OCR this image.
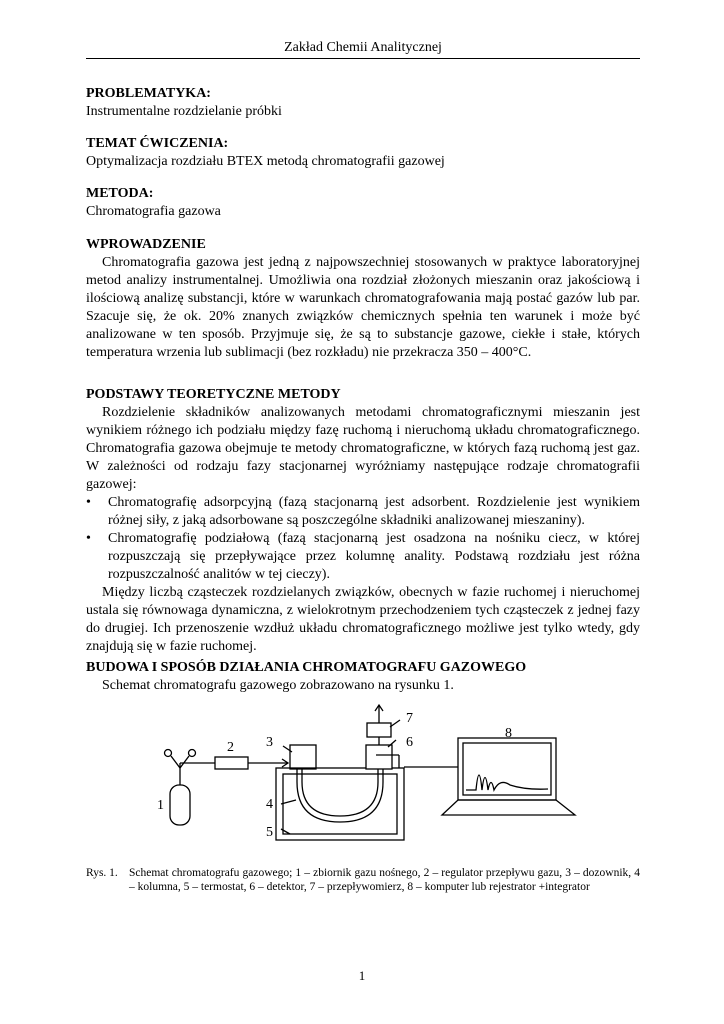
Zakład Chemii Analitycznej
PROBLEMATYKA:
Instrumentalne rozdzielanie próbki
TEMAT ĆWICZENIA:
Optymalizacja rozdziału BTEX metodą chromatografii gazowej
METODA:
Chromatografia gazowa
WPROWADZENIE

Chromatografia gazowa jest jedną z najpowszechniej stosowanych w praktyce laboratoryjnej metod analizy instrumentalnej. Umożliwia ona rozdział złożonych mieszanin oraz jakościową i ilościową analizę substancji, które w warunkach chromatografowania mają postać gazów lub par. Szacuje się, że ok. 20% znanych związków chemicznych spełnia ten warunek i może być analizowane w ten sposób. Przyjmuje się, że są to substancje gazowe, ciekłe i stałe, których temperatura wrzenia lub sublimacji (bez rozkładu) nie przekracza 350 – 400°C.

PODSTAWY TEORETYCZNE METODY

Rozdzielenie składników analizowanych metodami chromatograficznymi mieszanin jest wynikiem różnego ich podziału między fazę ruchomą i nieruchomą układu chromatograficznego. Chromatografia gazowa obejmuje te metody chromatograficzne, w których fazą ruchomą jest gaz. W zależności od rodzaju fazy stacjonarnej wyróżniamy następujące rodzaje chromatografii gazowej:

• Chromatografię adsorpcyjną (fazą stacjonarną jest adsorbent. Rozdzielenie jest wynikiem różnej siły, z jaką adsorbowane są poszczególne składniki analizowanej mieszaniny).
• Chromatografię podziałową (fazą stacjonarną jest osadzona na nośniku ciecz, w której rozpuszczają się przepływające przez kolumnę anality. Podstawą rozdziału jest różna rozpuszczalność analitów w tej cieczy).

Między liczbą cząsteczek rozdzielanych związków, obecnych w fazie ruchomej i nieruchomej ustala się równowaga dynamiczna, z wielokrotnym przechodzeniem tych cząsteczek z jednej fazy do drugiej. Ich przenoszenie wzdłuż układu chromatograficznego możliwe jest tylko wtedy, gdy znajdują się w fazie ruchomej.

BUDOWA I SPOSÓB DZIAŁANIA CHROMATOGRAFU GAZOWEGO
Schemat chromatografu gazowego zobrazowano na rysunku 1.
1
2 3
4
5
6
7
8
Rys. 1. Schemat chromatografu gazowego; 1 – zbiornik gazu nośnego, 2 – regulator przepływu gazu, 3 – dozownik, 4 – kolumna, 5 – termostat, 6 – detektor, 7 – przepływomierz, 8 – komputer lub rejestrator +integrator
1
